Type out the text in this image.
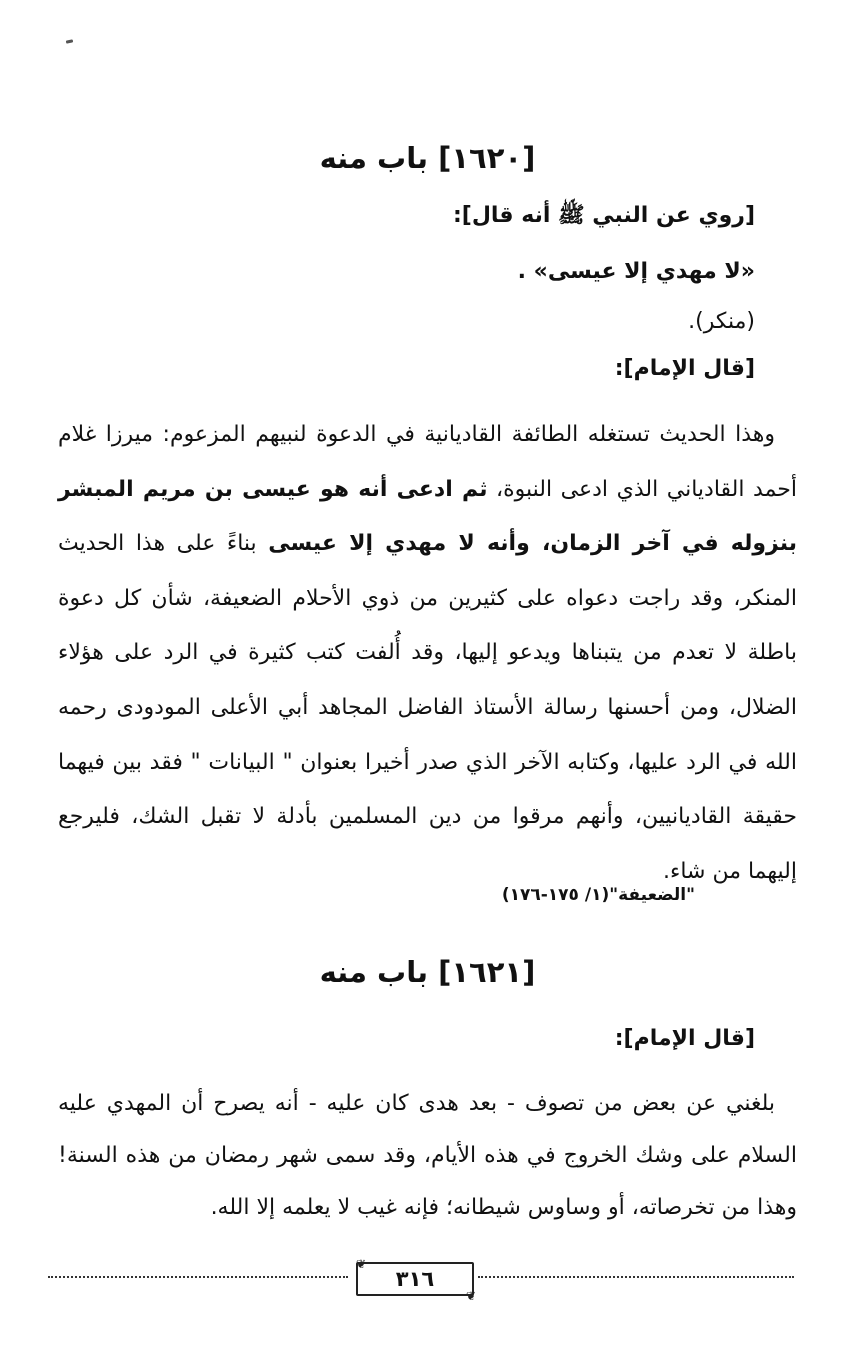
[١٦٢٠] باب منه
[روي عن النبي ﷺ أنه قال]:
«لا مهدي إلا عيسى» .
(منكر).
[قال الإمام]:

وهذا الحديث تستغله الطائفة القاديانية في الدعوة لنبيهم المزعوم: ميرزا غلام أحمد القادياني الذي ادعى النبوة، ثم ادعى أنه هو عيسى بن مريم المبشر بنزوله في آخر الزمان، وأنه لا مهدي إلا عيسى بناءً على هذا الحديث المنكر، وقد راجت دعواه على كثيرين من ذوي الأحلام الضعيفة، شأن كل دعوة باطلة لا تعدم من يتبناها ويدعو إليها، وقد أُلفت كتب كثيرة في الرد على هؤلاء الضلال، ومن أحسنها رسالة الأستاذ الفاضل المجاهد أبي الأعلى المودودى رحمه الله في الرد عليها، وكتابه الآخر الذي صدر أخيرا بعنوان " البيانات " فقد بين فيهما حقيقة القاديانيين، وأنهم مرقوا من دين المسلمين بأدلة لا تقبل الشك، فليرجع إليهما من شاء.

"الضعيفة"(١/ ١٧٥-١٧٦)
[١٦٢١] باب منه
[قال الإمام]:

بلغني عن بعض من تصوف - بعد هدى كان عليه - أنه يصرح أن المهدي عليه السلام على وشك الخروج في هذه الأيام، وقد سمى شهر رمضان من هذه السنة! وهذا من تخرصاته، أو وساوس شيطانه؛ فإنه غيب لا يعلمه إلا الله.

❦
٣١٦
❦
